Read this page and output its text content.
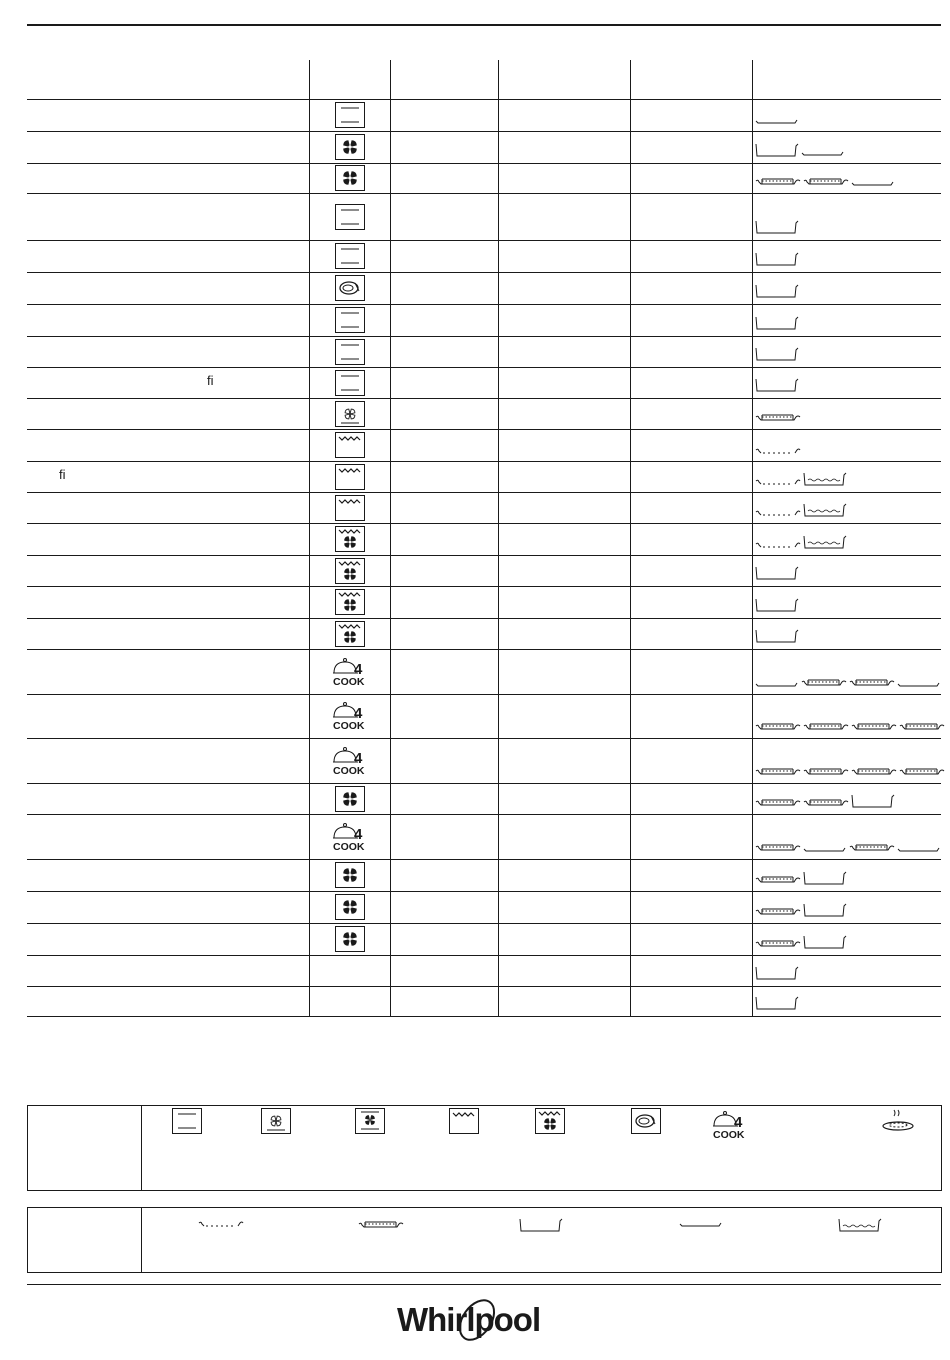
4
COOK
4
COOK
4
COOK
4
COOK
fi
fi
4
COOK
Whirlpool
